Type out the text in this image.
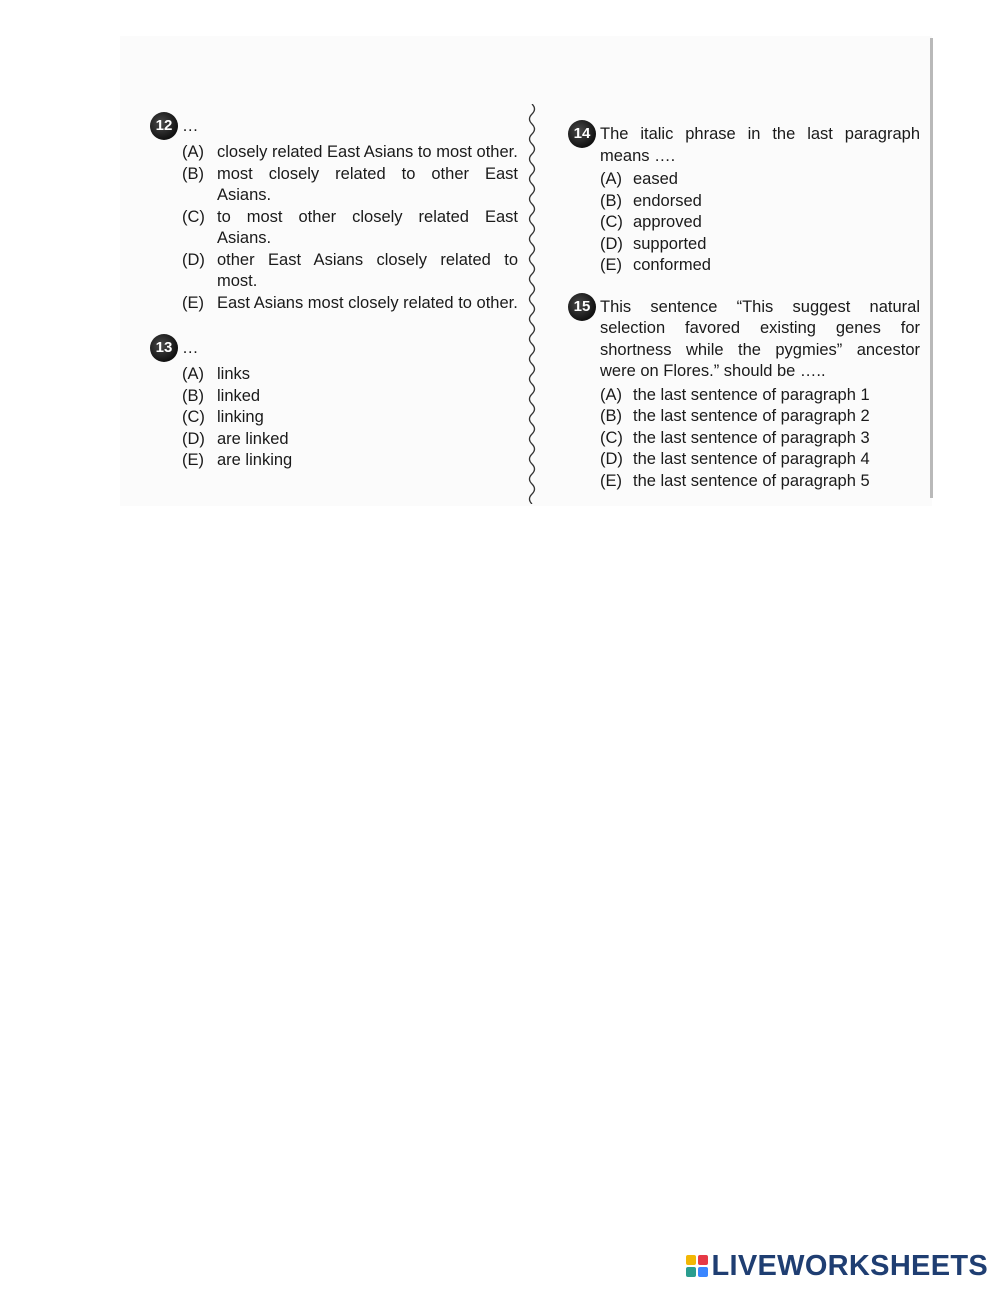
12 …
(A) closely related East Asians to most other.
(B) most closely related to other East Asians.
(C) to most other closely related East Asians.
(D) other East Asians closely related to most.
(E) East Asians most closely related to other.
13 …
(A) links
(B) linked
(C) linking
(D) are linked
(E) are linking
14 The italic phrase in the last paragraph means ….
(A) eased
(B) endorsed
(C) approved
(D) supported
(E) conformed
15 This sentence “This suggest natural selection favored existing genes for shortness while the pygmies” ancestor were on Flores.” should be …..
(A) the last sentence of paragraph 1
(B) the last sentence of paragraph 2
(C) the last sentence of paragraph 3
(D) the last sentence of paragraph 4
(E) the last sentence of paragraph 5
LIVEWORKSHEETS
